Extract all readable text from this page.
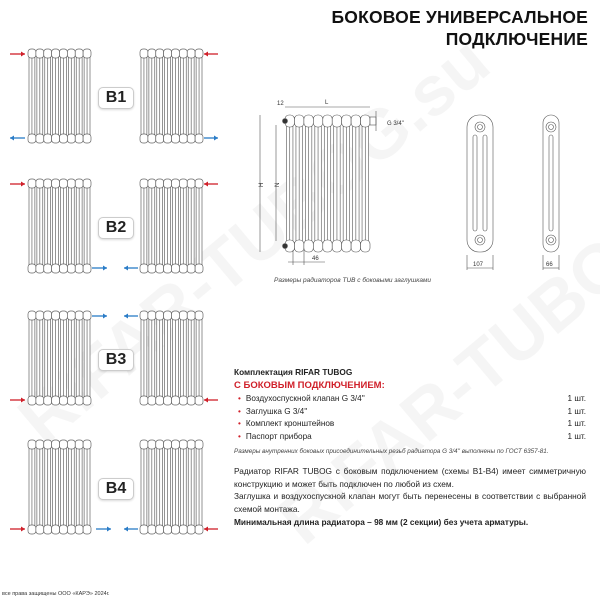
БОКОВОЕ УНИВЕРСАЛЬНОЕ
ПОДКЛЮЧЕНИЕ
B1
B2
B3
B4
12	L
G 3/4''
H N
46
107	66
Размеры радиаторов TUB с боковыми заглушками
Комплектация RIFAR TUBOG
С БОКОВЫМ ПОДКЛЮЧЕНИЕМ:
• Воздухоспускной клапан G 3/4''	1 шт.
• Заглушка G 3/4''	1 шт.
• Комплект кронштейнов	1 шт.
• Паспорт прибора	1 шт.
Размеры внутренних боковых присоединительных резьб радиатора G 3/4'' выполнены по ГОСТ 6357-81.
Радиатор RIFAR TUBOG с боковым подключением (схемы B1-B4) имеет симметричную конструкцию и может быть подключен по любой из схем.
Заглушка и воздухоспускной клапан могут быть перенесены в соответствии с выбранной схемой монтажа.
Минимальная длина радиатора – 98 мм (2 секции) без учета арматуры.
все права защищены ООО «КАРЭ» 2024г.
